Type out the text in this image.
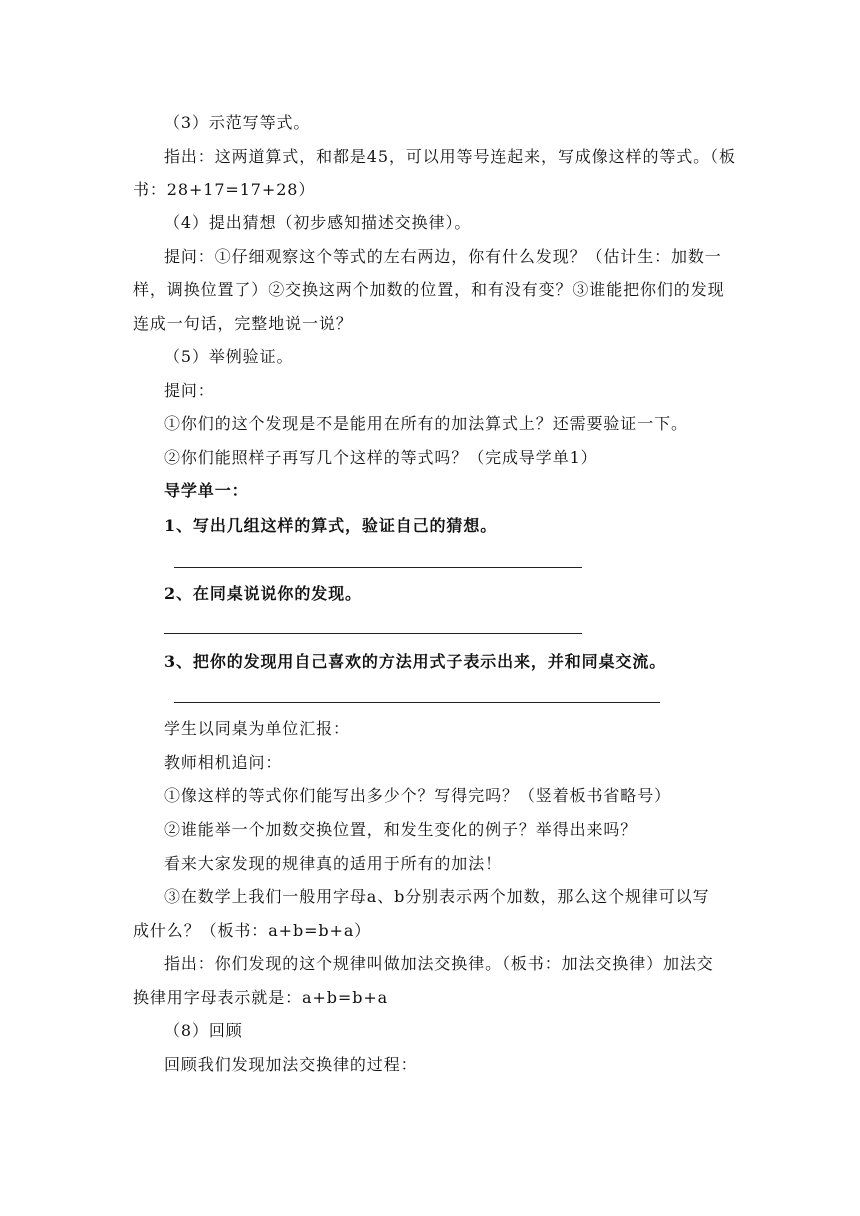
（3）示范写等式。
指出：这两道算式，和都是45，可以用等号连起来，写成像这样的等式。（板
书：28+17=17+28）
（4）提出猜想（初步感知描述交换律）。
提问：①仔细观察这个等式的左右两边，你有什么发现？（估计生：加数一
样，调换位置了）②交换这两个加数的位置，和有没有变？③谁能把你们的发现
连成一句话，完整地说一说？
（5）举例验证。
提问：
①你们的这个发现是不是能用在所有的加法算式上？还需要验证一下。
②你们能照样子再写几个这样的等式吗？（完成导学单1）
导学单一：
1、写出几组这样的算式，验证自己的猜想。
2、在同桌说说你的发现。
3、把你的发现用自己喜欢的方法用式子表示出来，并和同桌交流。
学生以同桌为单位汇报：
教师相机追问：
①像这样的等式你们能写出多少个？写得完吗？（竖着板书省略号）
②谁能举一个加数交换位置，和发生变化的例子？举得出来吗？
看来大家发现的规律真的适用于所有的加法！
③在数学上我们一般用字母a、b分别表示两个加数，那么这个规律可以写
成什么？（板书：a+b=b+a）
指出：你们发现的这个规律叫做加法交换律。（板书：加法交换律）加法交
换律用字母表示就是：a+b=b+a
（8）回顾
回顾我们发现加法交换律的过程：
